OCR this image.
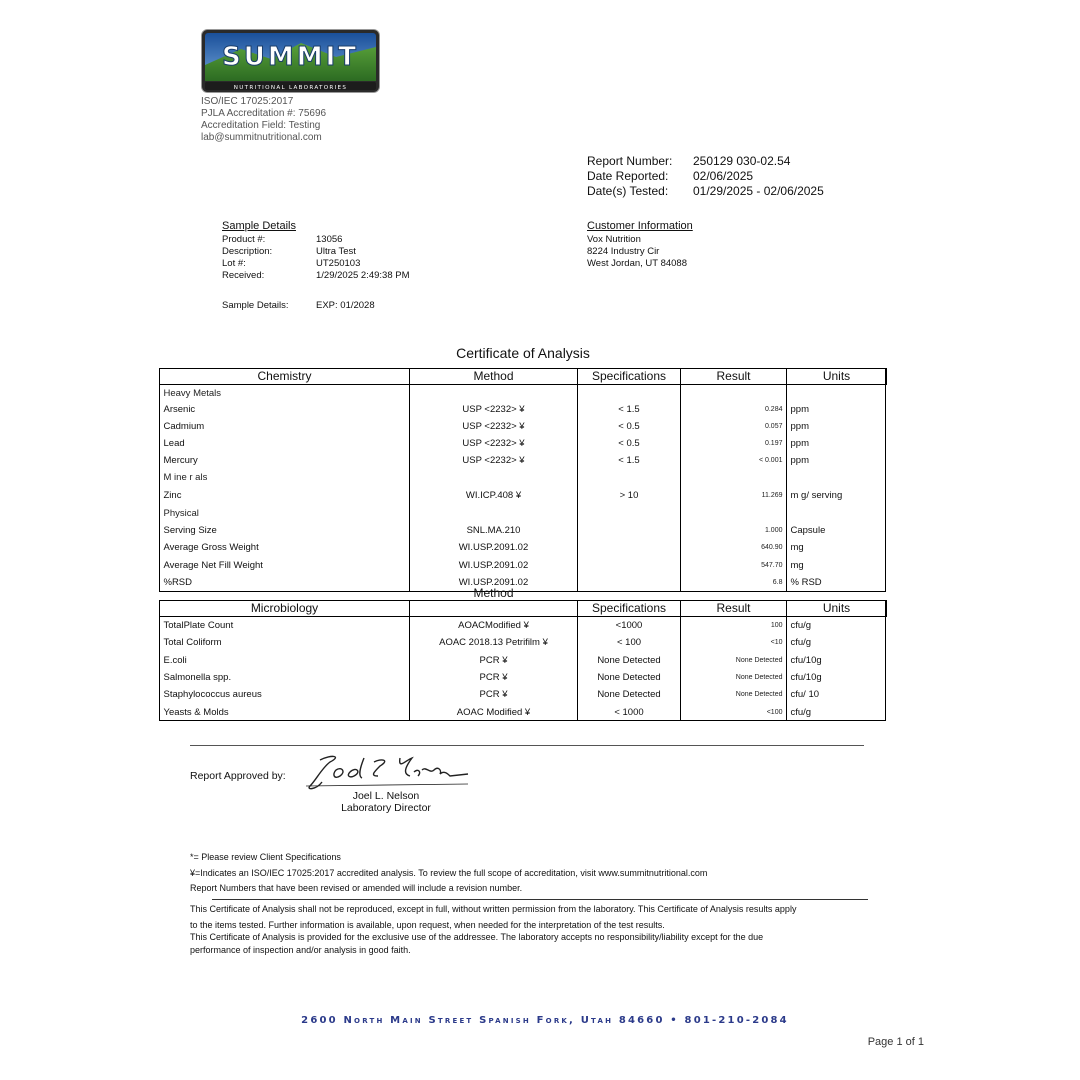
SUMMIT
NUTRITIONAL LABORATORIES
ISO/IEC 17025:2017
PJLA Accreditation #: 75696
Accreditation Field: Testing
lab@summitnutritional.com
Report Number: 250129 030-02.54
Date Reported: 02/06/2025
Date(s) Tested: 01/29/2025 - 02/06/2025
Sample Details
Product #:	13056
Description:	Ultra Test
Lot #:	UT250103
Received:	1/29/2025 2:49:38 PM
Sample Details:	EXP: 01/2028
Customer Information
Vox Nutrition
8224 Industry Cir
West Jordan, UT 84088
Certificate of Analysis
Chemistry	Method	Specifications	Result	Units
Heavy Metals				
Arsenic	USP <2232> ¥	< 1.5	0.284	ppm
Cadmium	USP <2232> ¥	< 0.5	0.057	ppm
Lead	USP <2232> ¥	< 0.5	0.197	ppm
Mercury	USP <2232> ¥	< 1.5	< 0.001	ppm
M ine r als				
Zinc	WI.ICP.408 ¥	> 10	11.269	m g/ serving
Physical				
Serving Size	SNL.MA.210		1.000	Capsule
Average Gross Weight	WI.USP.2091.02		640.90	mg
Average Net Fill Weight	WI.USP.2091.02		547.70	mg
%RSD	WI.USP.2091.02		6.8	% RSD
Microbiology	Method	Specifications	Result	Units
TotalPlate Count	AOACModified ¥	<1000	100	cfu/g
Total Coliform	AOAC 2018.13 Petrifilm ¥	< 100	<10	cfu/g
E.coli	PCR ¥	None Detected	None Detected	cfu/10g
Salmonella spp.	PCR ¥	None Detected	None Detected	cfu/10g
Staphylococcus aureus	PCR ¥	None Detected	None Detected	cfu/ 10
Yeasts & Molds	AOAC Modified ¥	< 1000	<100	cfu/g
Report Approved by:
Joel L. Nelson
Laboratory Director
*= Please review Client Specifications
¥=Indicates an ISO/IEC 17025:2017 accredited analysis. To review the full scope of accreditation, visit www.summitnutritional.com
Report Numbers that have been revised or amended will include a revision number.
This Certificate of Analysis shall not be reproduced, except in full, without written permission from the laboratory. This Certificate of Analysis results apply
to the items tested. Further information is available, upon request, when needed for the interpretation of the test results.
This Certificate of Analysis is provided for the exclusive use of the addressee. The laboratory accepts no responsibility/liability except for the due
performance of inspection and/or analysis in good faith.
2600 North Main Street Spanish Fork, Utah 84660 • 801-210-2084
Page 1 of 1
